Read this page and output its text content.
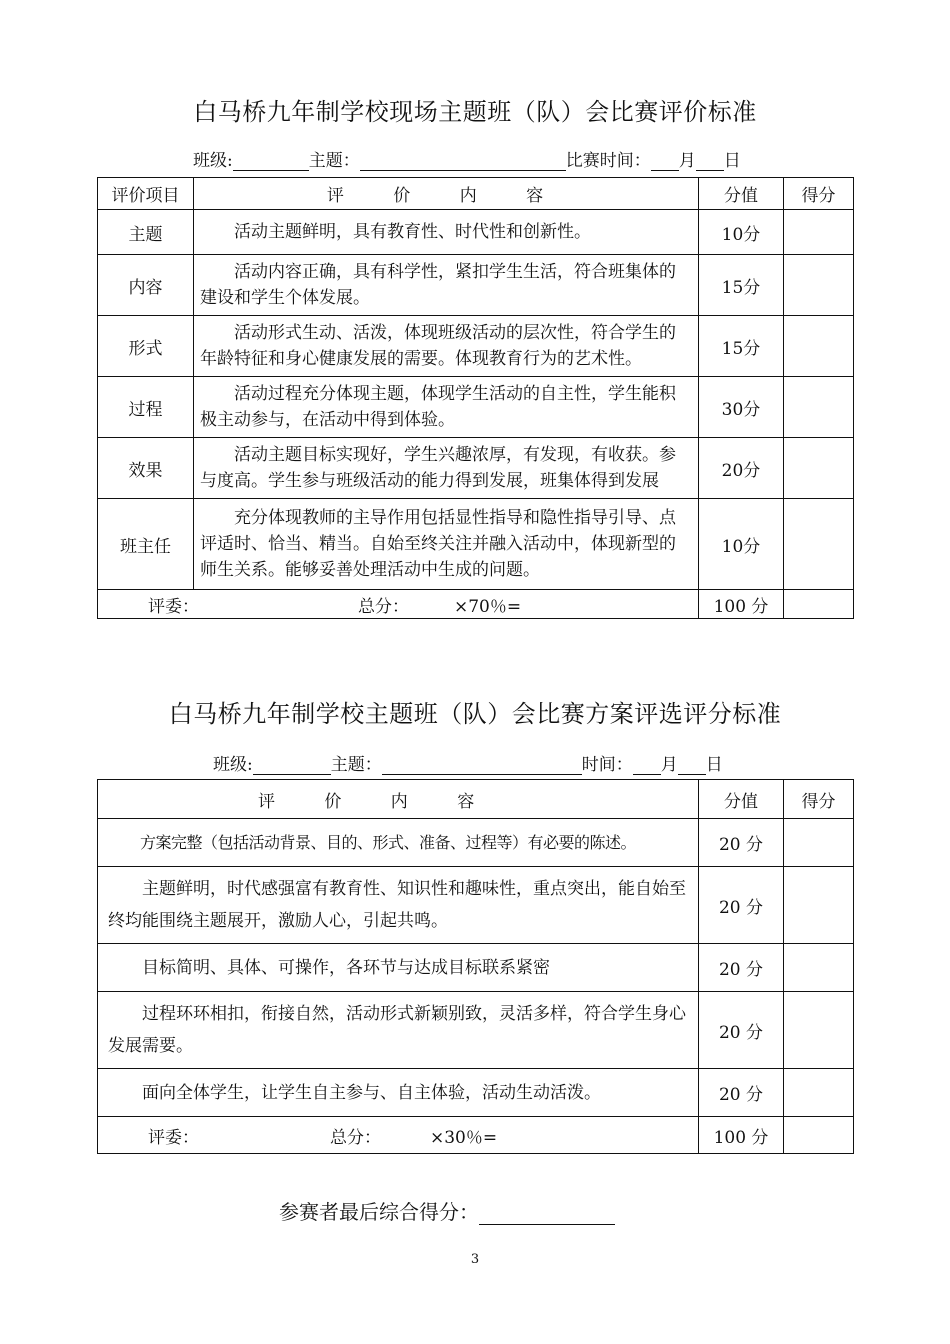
白马桥九年制学校现场主题班（队）会比赛评价标准
班级:	主题：	比赛时间： 月 日
评价项目	评 价 内 容	分值	得分
主题	活动主题鲜明，具有教育性、时代性和创新性。	10分	
内容	活动内容正确，具有科学性，紧扣学生生活，符合班集体的建设和学生个体发展。	15分	
形式	活动形式生动、活泼，体现班级活动的层次性，符合学生的年龄特征和身心健康发展的需要。体现教育行为的艺术性。	15分	
过程	活动过程充分体现主题，体现学生活动的自主性，学生能积极主动参与，在活动中得到体验。	30分	
效果	活动主题目标实现好，学生兴趣浓厚，有发现，有收获。参与度高。学生参与班级活动的能力得到发展，班集体得到发展	20分	
班主任	充分体现教师的主导作用包括显性指导和隐性指导引导、点评适时、恰当、精当。自始至终关注并融入活动中，体现新型的师生关系。能够妥善处理活动中生成的问题。	10分	
评委： 总分： ×70％=		100 分	
白马桥九年制学校主题班（队）会比赛方案评选评分标准
班级:	主题：	时间： 月 日
评 价 内 容	分值	得分

方案完整（包括活动背景、目的、形式、准备、过程等）有必要的陈述。	20 分	

主题鲜明，时代感强富有教育性、知识性和趣味性，重点突出，能自始至终均能围绕主题展开，激励人心，引起共鸣。	20 分	

目标简明、具体、可操作，各环节与达成目标联系紧密	20 分	

过程环环相扣，衔接自然，活动形式新颖别致，灵活多样，符合学生身心发展需要。	20 分	

面向全体学生，让学生自主参与、自主体验，活动生动活泼。	20 分	
评委： 总分： ×30％=	100 分	
参赛者最后综合得分：
3
